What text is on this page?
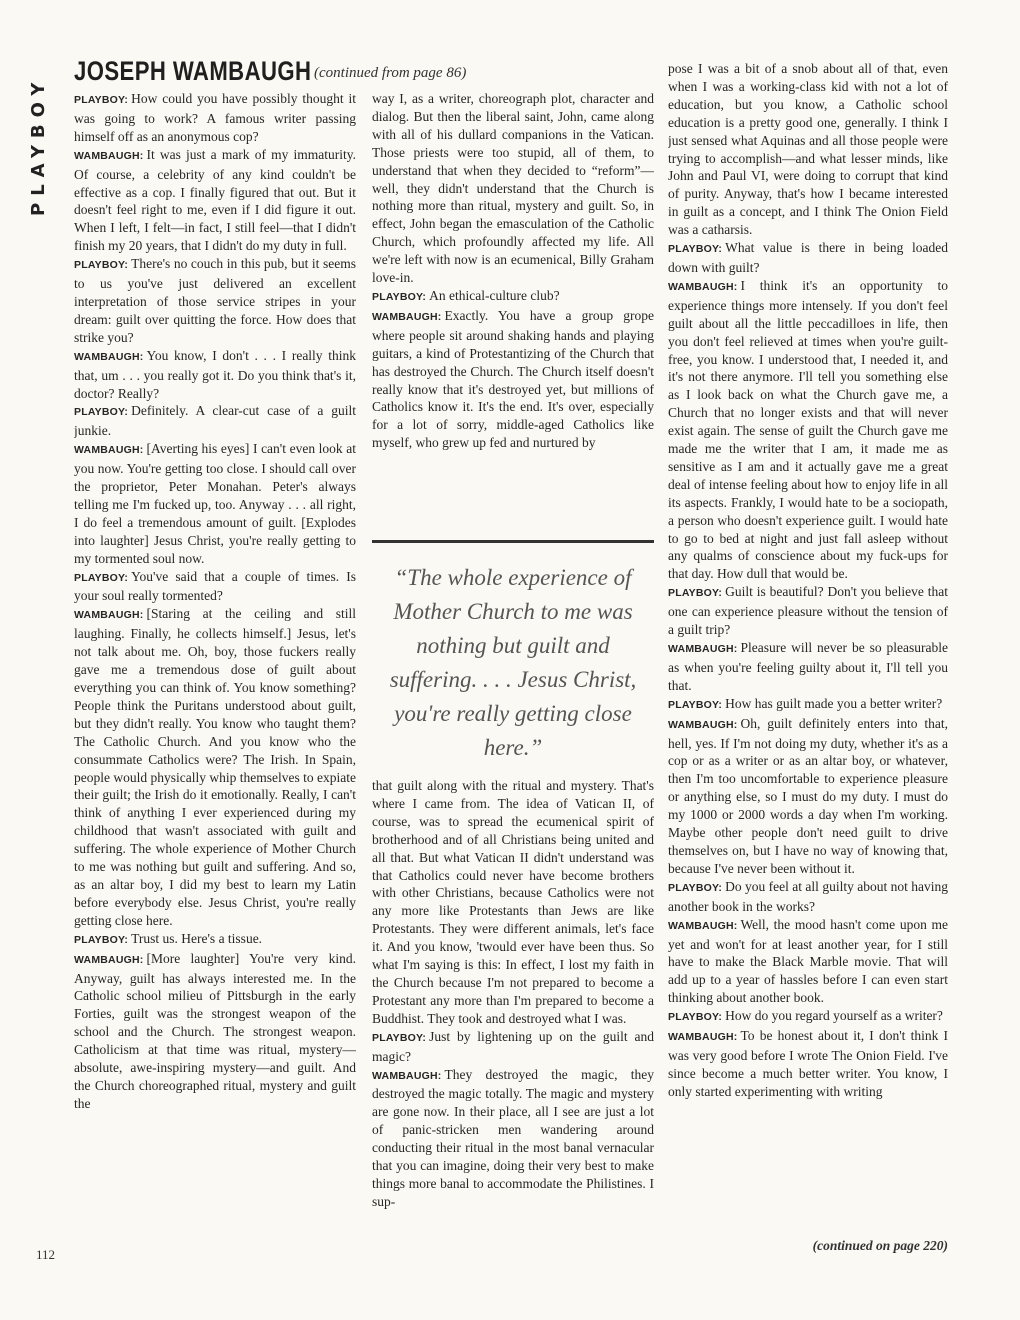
PLAYBOY
JOSEPH WAMBAUGH (continued from page 86)

PLAYBOY: How could you have possibly thought it was going to work? A famous writer passing himself off as an anonymous cop?

WAMBAUGH: It was just a mark of my immaturity. Of course, a celebrity of any kind couldn't be effective as a cop. I finally figured that out. But it doesn't feel right to me, even if I did figure it out. When I left, I felt—in fact, I still feel—that I didn't finish my 20 years, that I didn't do my duty in full.

PLAYBOY: There's no couch in this pub, but it seems to us you've just delivered an excellent interpretation of those service stripes in your dream: guilt over quitting the force. How does that strike you?

WAMBAUGH: You know, I don't . . . I really think that, um . . . you really got it. Do you think that's it, doctor? Really?

PLAYBOY: Definitely. A clear-cut case of a guilt junkie.

WAMBAUGH: [Averting his eyes] I can't even look at you now. You're getting too close. I should call over the proprietor, Peter Monahan. Peter's always telling me I'm fucked up, too. Anyway . . . all right, I do feel a tremendous amount of guilt. [Explodes into laughter] Jesus Christ, you're really getting to my tormented soul now.

PLAYBOY: You've said that a couple of times. Is your soul really tormented?

WAMBAUGH: [Staring at the ceiling and still laughing. Finally, he collects himself.] Jesus, let's not talk about me. Oh, boy, those fuckers really gave me a tremendous dose of guilt about everything you can think of. You know something? People think the Puritans understood about guilt, but they didn't really. You know who taught them? The Catholic Church. And you know who the consummate Catholics were? The Irish. In Spain, people would physically whip themselves to expiate their guilt; the Irish do it emotionally. Really, I can't think of anything I ever experienced during my childhood that wasn't associated with guilt and suffering. The whole experience of Mother Church to me was nothing but guilt and suffering. And so, as an altar boy, I did my best to learn my Latin before everybody else. Jesus Christ, you're really getting close here.

PLAYBOY: Trust us. Here's a tissue.

WAMBAUGH: [More laughter] You're very kind. Anyway, guilt has always interested me. In the Catholic school milieu of Pittsburgh in the early Forties, guilt was the strongest weapon of the school and the Church. The strongest weapon. Catholicism at that time was ritual, mystery—absolute, awe-inspiring mystery—and guilt. And the Church choreographed ritual, mystery and guilt the

way I, as a writer, choreograph plot, character and dialog. But then the liberal saint, John, came along with all of his dullard companions in the Vatican. Those priests were too stupid, all of them, to understand that when they decided to “reform”—well, they didn't understand that the Church is nothing more than ritual, mystery and guilt. So, in effect, John began the emasculation of the Catholic Church, which profoundly affected my life. All we're left with now is an ecumenical, Billy Graham love-in.

PLAYBOY: An ethical-culture club?

WAMBAUGH: Exactly. You have a group grope where people sit around shaking hands and playing guitars, a kind of Protestantizing of the Church that has destroyed the Church. The Church itself doesn't really know that it's destroyed yet, but millions of Catholics know it. It's the end. It's over, especially for a lot of sorry, middle-aged Catholics like myself, who grew up fed and nurtured by

“The whole experience of Mother Church to me was nothing but guilt and suffering. . . . Jesus Christ, you're really getting close here.”

that guilt along with the ritual and mystery. That's where I came from. The idea of Vatican II, of course, was to spread the ecumenical spirit of brotherhood and of all Christians being united and all that. But what Vatican II didn't understand was that Catholics could never have become brothers with other Christians, because Catholics were not any more like Protestants than Jews are like Protestants. They were different animals, let's face it. And you know, 'twould ever have been thus. So what I'm saying is this: In effect, I lost my faith in the Church because I'm not prepared to become a Protestant any more than I'm prepared to become a Buddhist. They took and destroyed what I was.

PLAYBOY: Just by lightening up on the guilt and magic?

WAMBAUGH: They destroyed the magic, they destroyed the magic totally. The magic and mystery are gone now. In their place, all I see are just a lot of panic-stricken men wandering around conducting their ritual in the most banal vernacular that you can imagine, doing their very best to make things more banal to accommodate the Philistines. I sup-

pose I was a bit of a snob about all of that, even when I was a working-class kid with not a lot of education, but you know, a Catholic school education is a pretty good one, generally. I think I just sensed what Aquinas and all those people were trying to accomplish—and what lesser minds, like John and Paul VI, were doing to corrupt that kind of purity. Anyway, that's how I became interested in guilt as a concept, and I think The Onion Field was a catharsis.

PLAYBOY: What value is there in being loaded down with guilt?

WAMBAUGH: I think it's an opportunity to experience things more intensely. If you don't feel guilt about all the little peccadilloes in life, then you don't feel relieved at times when you're guilt-free, you know. I understood that, I needed it, and it's not there anymore. I'll tell you something else as I look back on what the Church gave me, a Church that no longer exists and that will never exist again. The sense of guilt the Church gave me made me the writer that I am, it made me as sensitive as I am and it actually gave me a great deal of intense feeling about how to enjoy life in all its aspects. Frankly, I would hate to be a sociopath, a person who doesn't experience guilt. I would hate to go to bed at night and just fall asleep without any qualms of conscience about my fuck-ups for that day. How dull that would be.

PLAYBOY: Guilt is beautiful? Don't you believe that one can experience pleasure without the tension of a guilt trip?

WAMBAUGH: Pleasure will never be so pleasurable as when you're feeling guilty about it, I'll tell you that.

PLAYBOY: How has guilt made you a better writer?

WAMBAUGH: Oh, guilt definitely enters into that, hell, yes. If I'm not doing my duty, whether it's as a cop or as a writer or as an altar boy, or whatever, then I'm too uncomfortable to experience pleasure or anything else, so I must do my duty. I must do my 1000 or 2000 words a day when I'm working. Maybe other people don't need guilt to drive themselves on, but I have no way of knowing that, because I've never been without it.

PLAYBOY: Do you feel at all guilty about not having another book in the works?

WAMBAUGH: Well, the mood hasn't come upon me yet and won't for at least another year, for I still have to make the Black Marble movie. That will add up to a year of hassles before I can even start thinking about another book.

PLAYBOY: How do you regard yourself as a writer?

WAMBAUGH: To be honest about it, I don't think I was very good before I wrote The Onion Field. I've since become a much better writer. You know, I only started experimenting with writing

112
(continued on page 220)
